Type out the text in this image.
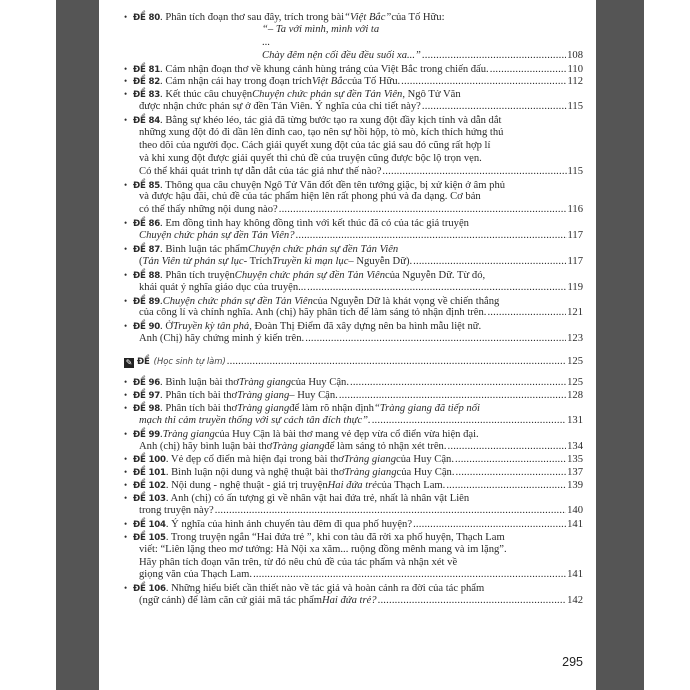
• ĐỀ 80 . Phân tích đoạn thơ sau đây, trích trong bài “Việt Bắc” của Tố Hữu:
“– Ta với mình, mình với ta
...
Chày đêm nện cối đều đều suối xa...” .....	108
• ĐỀ 81 . Cảm nhận đoạn thơ về khung cảnh hùng tráng của Việt Bắc trong chiến đấu. .....	110
• ĐỀ 82 . Cảm nhận cái hay trong đoạn trích Việt Bắc của Tố Hữu. .....	112
• ĐỀ 83 . Kết thúc câu chuyện Chuyện chức phán sự đền Tản Viên , Ngô Tử Văn
được nhận chức phán sự ở đền Tản Viên. Ý nghĩa của chi tiết này? .....	115
• ĐỀ 84 . Bằng sự khéo léo, tác giả đã từng bước tạo ra xung đột đầy kịch tính và dẫn dắt
những xung đột đó đi dần lên đỉnh cao, tạo nên sự hồi hộp, tò mò, kích thích hứng thú
theo dõi của người đọc. Cách giải quyết xung đột của tác giả sau đó cũng rất hợp lí
và khi xung đột được giải quyết thì chủ đề của truyện cũng được bộc lộ trọn vẹn.
Có thể khái quát trình tự dẫn dắt của tác giả như thế nào? .....	115
• ĐỀ 85 . Thông qua câu chuyện Ngô Tử Văn đốt đền tên tướng giặc, bị xử kiện ở âm phủ
và được hậu đãi, chủ đề của tác phẩm hiện lên rất phong phú và đa dạng. Cơ bản
có thể thấy những nội dung nào? .....	116
• ĐỀ 86 . Em đồng tình hay không đồng tình với kết thúc đã có của tác giả truyện
Chuyện chức phán sự đền Tản Viên? .....	117
• ĐỀ 87 . Bình luận tác phẩm Chuyện chức phán sự đền Tản Viên
( Tản Viên từ phán sự lục - Trích Truyền kì mạn lục – Nguyễn Dữ). .....	117
• ĐỀ 88 . Phân tích truyện Chuyện chức phán sự đền Tản Viên của Nguyễn Dữ. Từ đó,
khái quát ý nghĩa giáo dục của truyện... .....	119
• ĐỀ 89 . Chuyện chức phán sự đền Tản Viên của Nguyễn Dữ là khát vọng về chiến thắng
của công lí và chính nghĩa. Anh (chị) hãy phân tích để làm sáng tỏ nhận định trên. .....	121
• ĐỀ 90 . Ở Truyền kỳ tân phả , Đoàn Thị Điểm đã xây dựng nên ba hình mẫu liệt nữ.
Anh (Chị) hãy chứng minh ý kiến trên. .....	123
✎ ĐỀ (Học sinh tự làm) .....	125
• ĐỀ 96 . Bình luận bài thơ Tràng giang của Huy Cận. .....	125
• ĐỀ 97 . Phân tích bài thơ Tràng giang – Huy Cận. .....	128
• ĐỀ 98 . Phân tích bài thơ Tràng giang để làm rõ nhận định “Tràng giang đã tiếp nối
mạch thi cảm truyền thống với sự cách tân đích thực”. .....	131
• ĐỀ 99 . Tràng giang của Huy Cận là bài thơ mang vẻ đẹp vừa cổ điển vừa hiện đại.
Anh (chị) hãy bình luận bài thơ Tràng giang để làm sáng tỏ nhận xét trên. .....	134
• ĐỀ 100 . Vẻ đẹp cổ điển mà hiện đại trong bài thơ Tràng giang của Huy Cận. .....	135
• ĐỀ 101 . Bình luận nội dung và nghệ thuật bài thơ Tràng giang của Huy Cận. .....	137
• ĐỀ 102 . Nội dung - nghệ thuật - giá trị truyện Hai đứa trẻ của Thạch Lam. .....	139
• ĐỀ 103 . Anh (chị) có ấn tượng gì về nhân vật hai đứa trẻ, nhất là nhân vật Liên
trong truyện này? .....	140
• ĐỀ 104 . Ý nghĩa của hình ảnh chuyến tàu đêm đi qua phố huyện? .....	141
• ĐỀ 105 . Trong truyện ngắn “Hai đứa trẻ ”, khi con tàu đã rời xa phố huyện, Thạch Lam
viết: “Liên lặng theo mơ tưởng: Hà Nội xa xăm... ruộng đồng mênh mang và im lặng”.
Hãy phân tích đoạn văn trên, từ đó nêu chủ đề của tác phẩm và nhận xét về
giọng văn của Thạch Lam. .....	141
• ĐỀ 106 . Những hiểu biết cần thiết nào về tác giả và hoàn cảnh ra đời của tác phẩm
(ngữ cảnh) để làm căn cứ giải mã tác phẩm Hai đứa trẻ? .....	142
295
